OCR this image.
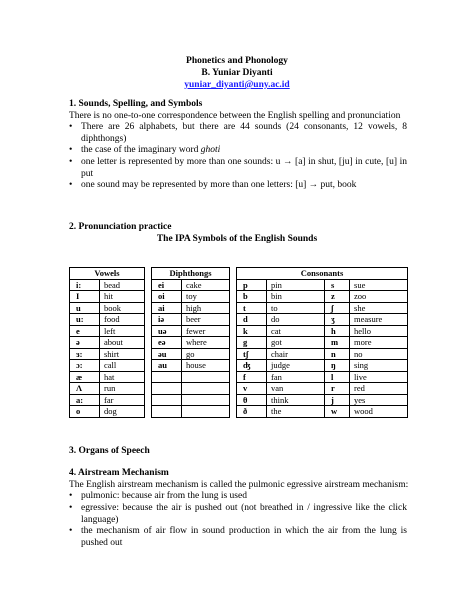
Phonetics and Phonology
B. Yuniar Diyanti
yuniar_diyanti@uny.ac.id
1. Sounds, Spelling, and Symbols
There is no one-to-one correspondence between the English spelling and pronunciation
• There are 26 alphabets, but there are 44 sounds (24 consonants, 12 vowels, 8
diphthongs)
• the case of the imaginary word ghoti
• one letter is represented by more than one sounds: u → [a] in shut, [ju] in cute, [u] in
put
• one sound may be represented by more than one letters: [u] → put, book
2. Pronunciation practice
The IPA Symbols of the English Sounds
Vowels			Diphthongs			Consonants			
i:	bead		ei	cake		p	pin	s	sue
I	hit		oi	toy		b	bin	z	zoo
u	book		ai	high		t	to	ʃ	she
u:	food		iə	beer		d	do	ʒ	measure
e	left		uə	fewer		k	cat	h	hello
ə	about		eə	where		g	got	m	more
ɜ:	shirt		əu	go		tʃ	chair	n	no
ɔ:	call		au	house		ʤ	judge	ŋ	sing
æ	hat					f	fan	l	live
Λ	run					v	van	r	red
a:	far					θ	think	j	yes
o	dog					ð	the	w	wood
3. Organs of Speech
4. Airstream Mechanism
The English airstream mechanism is called the pulmonic egressive airstream mechanism:
• pulmonic: because air from the lung is used
• egressive: because the air is pushed out (not breathed in / ingressive like the click
language)
• the mechanism of air flow in sound production in which the air from the lung is
pushed out
